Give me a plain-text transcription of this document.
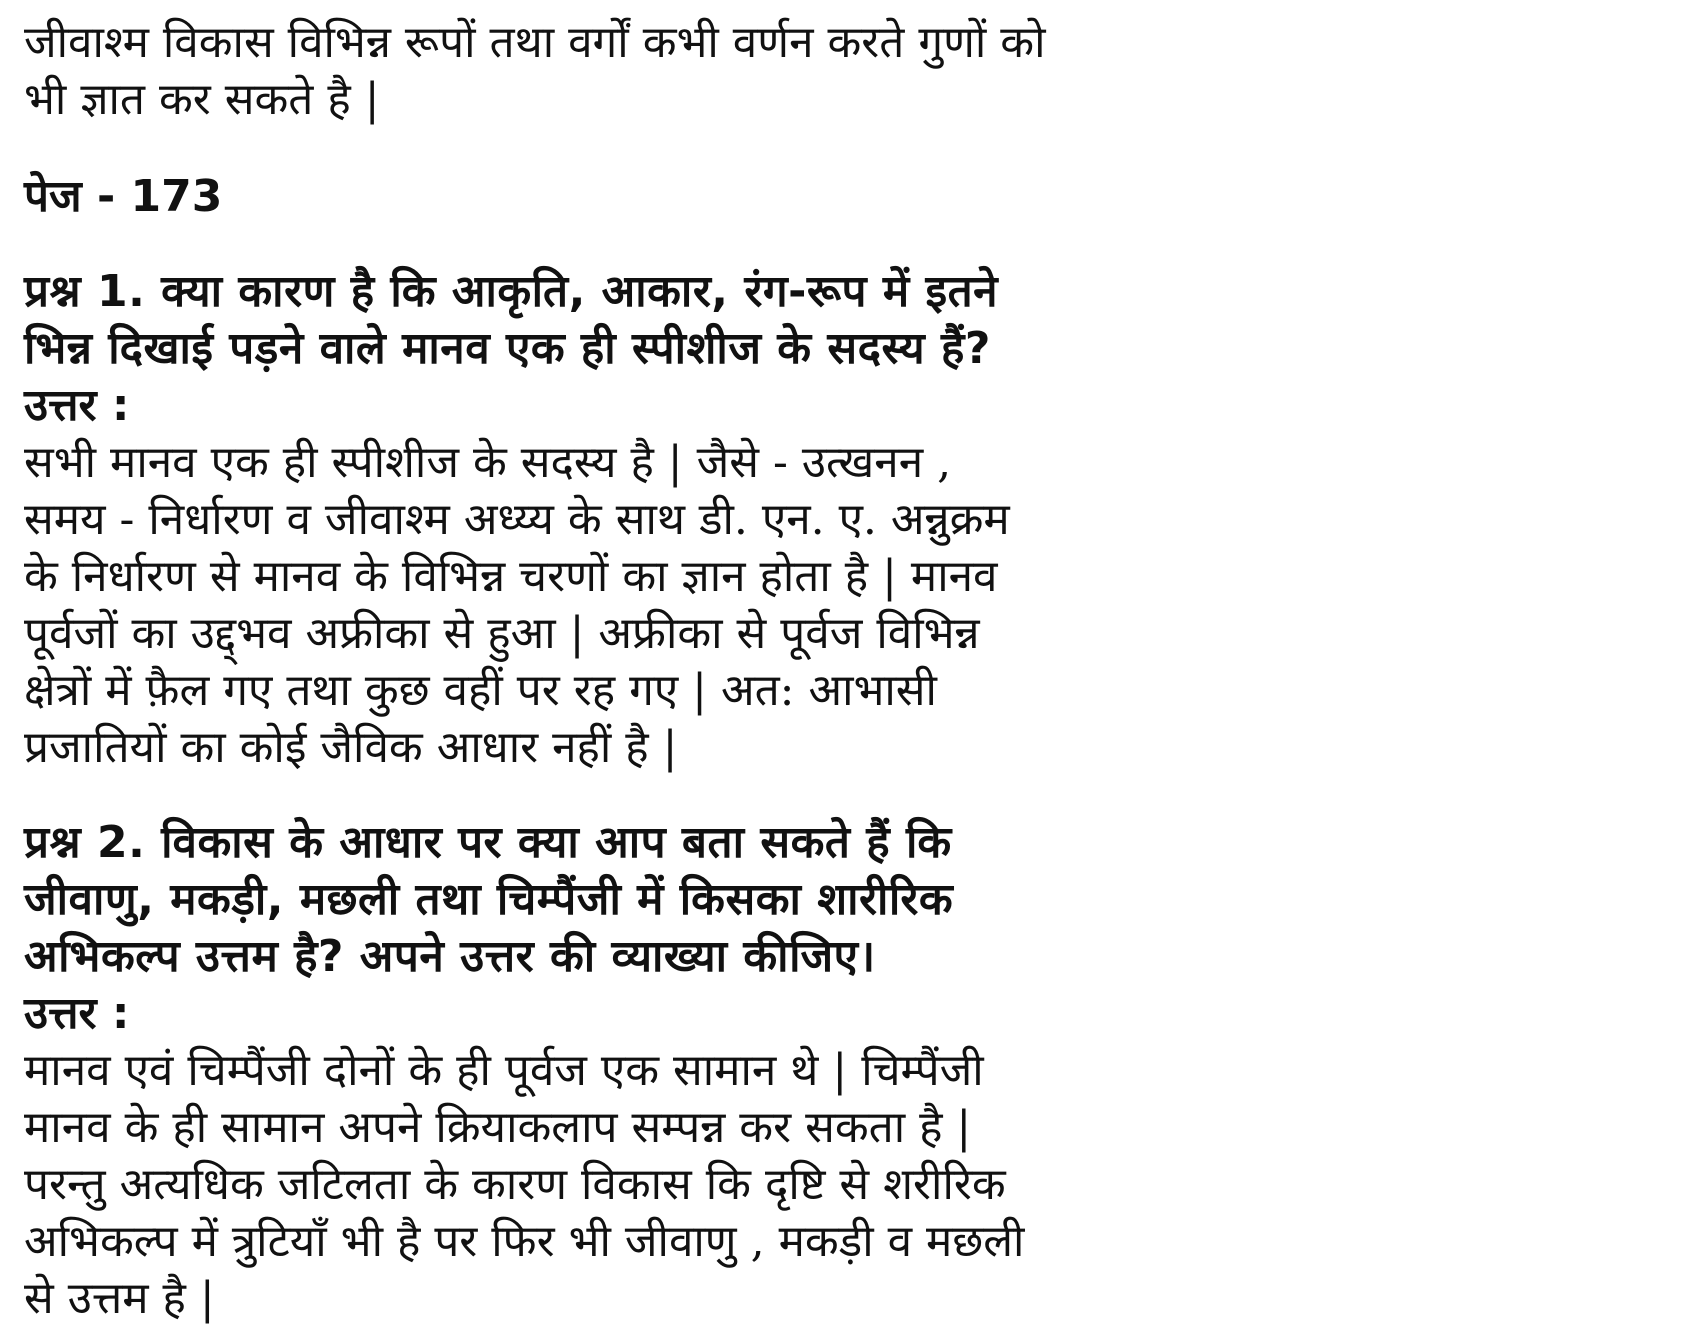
जीवाश्म विकास विभिन्न रूपों तथा वर्गों कभी वर्णन करते गुणों को

भी ज्ञात कर सकते है |

पेज - 173

प्रश्न 1. क्या कारण है कि आकृति, आकार, रंग-रूप में इतने

भिन्न दिखाई पड़ने वाले मानव एक ही स्पीशीज के सदस्य हैं?

उत्तर :

सभी मानव एक ही स्पीशीज के सदस्य है | जैसे - उत्खनन ,

समय - निर्धारण व जीवाश्म अध्य्य के साथ डी. एन. ए. अन्नुक्रम

के निर्धारण से मानव के विभिन्न चरणों का ज्ञान होता है | मानव

पूर्वजों का उद्द्भव अफ्रीका से हुआ | अफ्रीका से पूर्वज विभिन्न

क्षेत्रों में फ़ैल गए तथा कुछ वहीं पर रह गए | अत: आभासी

प्रजातियों का कोई जैविक आधार नहीं है |

प्रश्न 2. विकास के आधार पर क्या आप बता सकते हैं कि

जीवाणु, मकड़ी, मछली तथा चिम्पैंजी में किसका शारीरिक

अभिकल्प उत्तम है? अपने उत्तर की व्याख्या कीजिए।

उत्तर :

मानव एवं चिम्पैंजी दोनों के ही पूर्वज एक सामान थे | चिम्पैंजी

मानव के ही सामान अपने क्रियाकलाप सम्पन्न कर सकता है |

परन्तु अत्यधिक जटिलता के कारण विकास कि दृष्टि से शरीरिक

अभिकल्प में त्रुटियाँ भी है पर फिर भी जीवाणु , मकड़ी व मछली

से उत्तम है |
